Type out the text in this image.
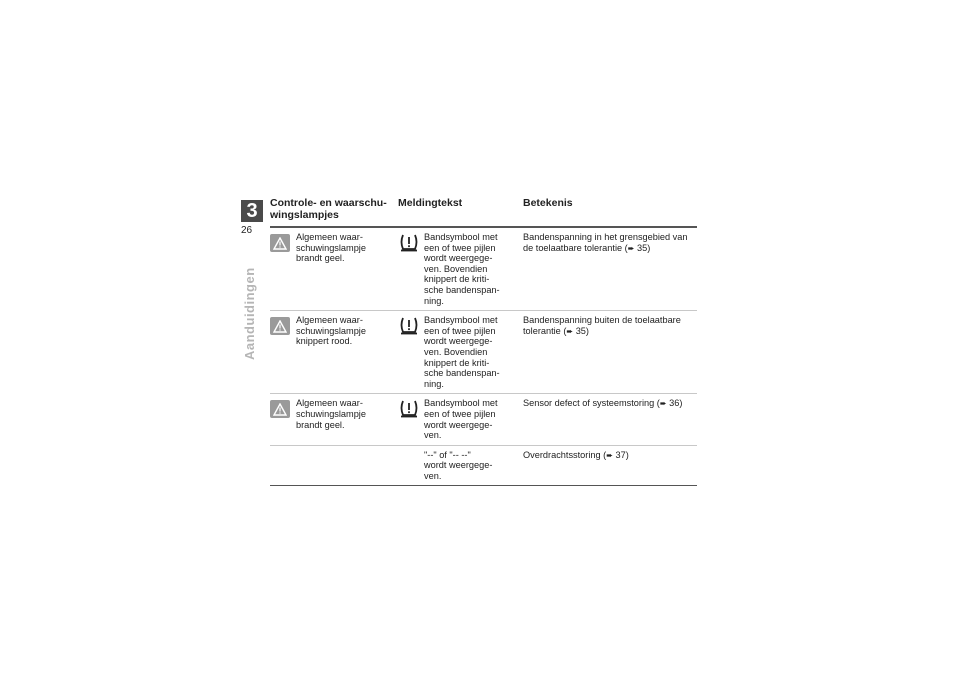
3
26
Aanduidingen
Controle- en waarschu-
wingslampjes
Meldingtekst	Betekenis
Algemeen waar-
schuwingslampje
brandt geel.
Bandsymbool met
een of twee pijlen
wordt weergege-
ven. Bovendien
knippert de kriti-
sche bandenspan-
ning.
Bandenspanning in het grensgebied van
de toelaatbare tolerantie (➨ 35)
Algemeen waar-
schuwingslampje
knippert rood.
Bandsymbool met
een of twee pijlen
wordt weergege-
ven. Bovendien
knippert de kriti-
sche bandenspan-
ning.
Bandenspanning buiten de toelaatbare
tolerantie (➨ 35)
Algemeen waar-
schuwingslampje
brandt geel.
Bandsymbool met
een of twee pijlen
wordt weergege-
ven.
Sensor defect of systeemstoring (➨ 36)
"--" of "-- --"
wordt weergege-
ven.
Overdrachtsstoring (➨ 37)
